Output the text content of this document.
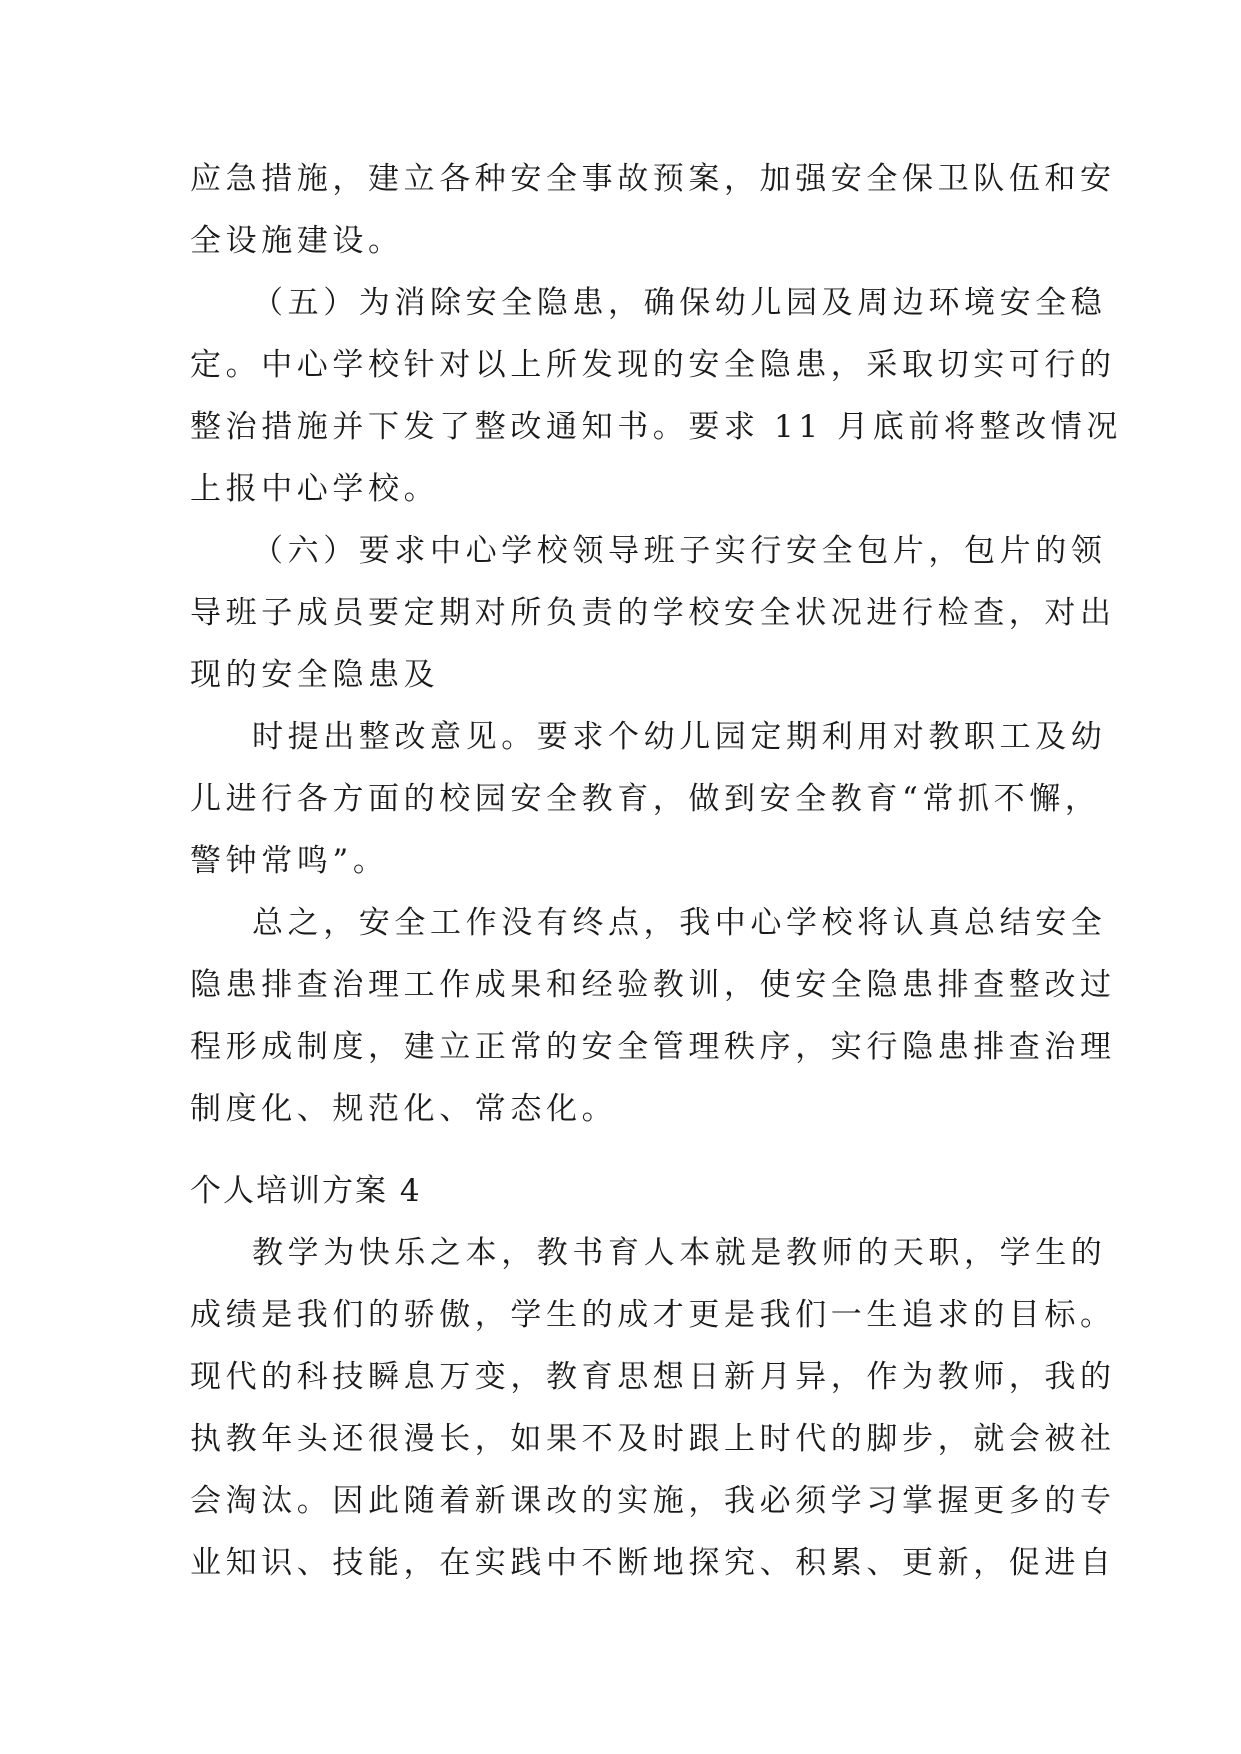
应急措施，建立各种安全事故预案，加强安全保卫队伍和安
全设施建设。
（五）为消除安全隐患，确保幼儿园及周边环境安全稳
定。中心学校针对以上所发现的安全隐患，采取切实可行的
整治措施并下发了整改通知书。要求 11 月底前将整改情况
上报中心学校。
（六）要求中心学校领导班子实行安全包片，包片的领
导班子成员要定期对所负责的学校安全状况进行检查，对出
现的安全隐患及
时提出整改意见。要求个幼儿园定期利用对教职工及幼
儿进行各方面的校园安全教育，做到安全教育“常抓不懈，
警钟常鸣”。
总之，安全工作没有终点，我中心学校将认真总结安全
隐患排查治理工作成果和经验教训，使安全隐患排查整改过
程形成制度，建立正常的安全管理秩序，实行隐患排查治理
制度化、规范化、常态化。
个人培训方案 4
教学为快乐之本，教书育人本就是教师的天职，学生的
成绩是我们的骄傲，学生的成才更是我们一生追求的目标。
现代的科技瞬息万变，教育思想日新月异，作为教师，我的
执教年头还很漫长，如果不及时跟上时代的脚步，就会被社
会淘汰。因此随着新课改的实施，我必须学习掌握更多的专
业知识、技能，在实践中不断地探究、积累、更新，促进自
